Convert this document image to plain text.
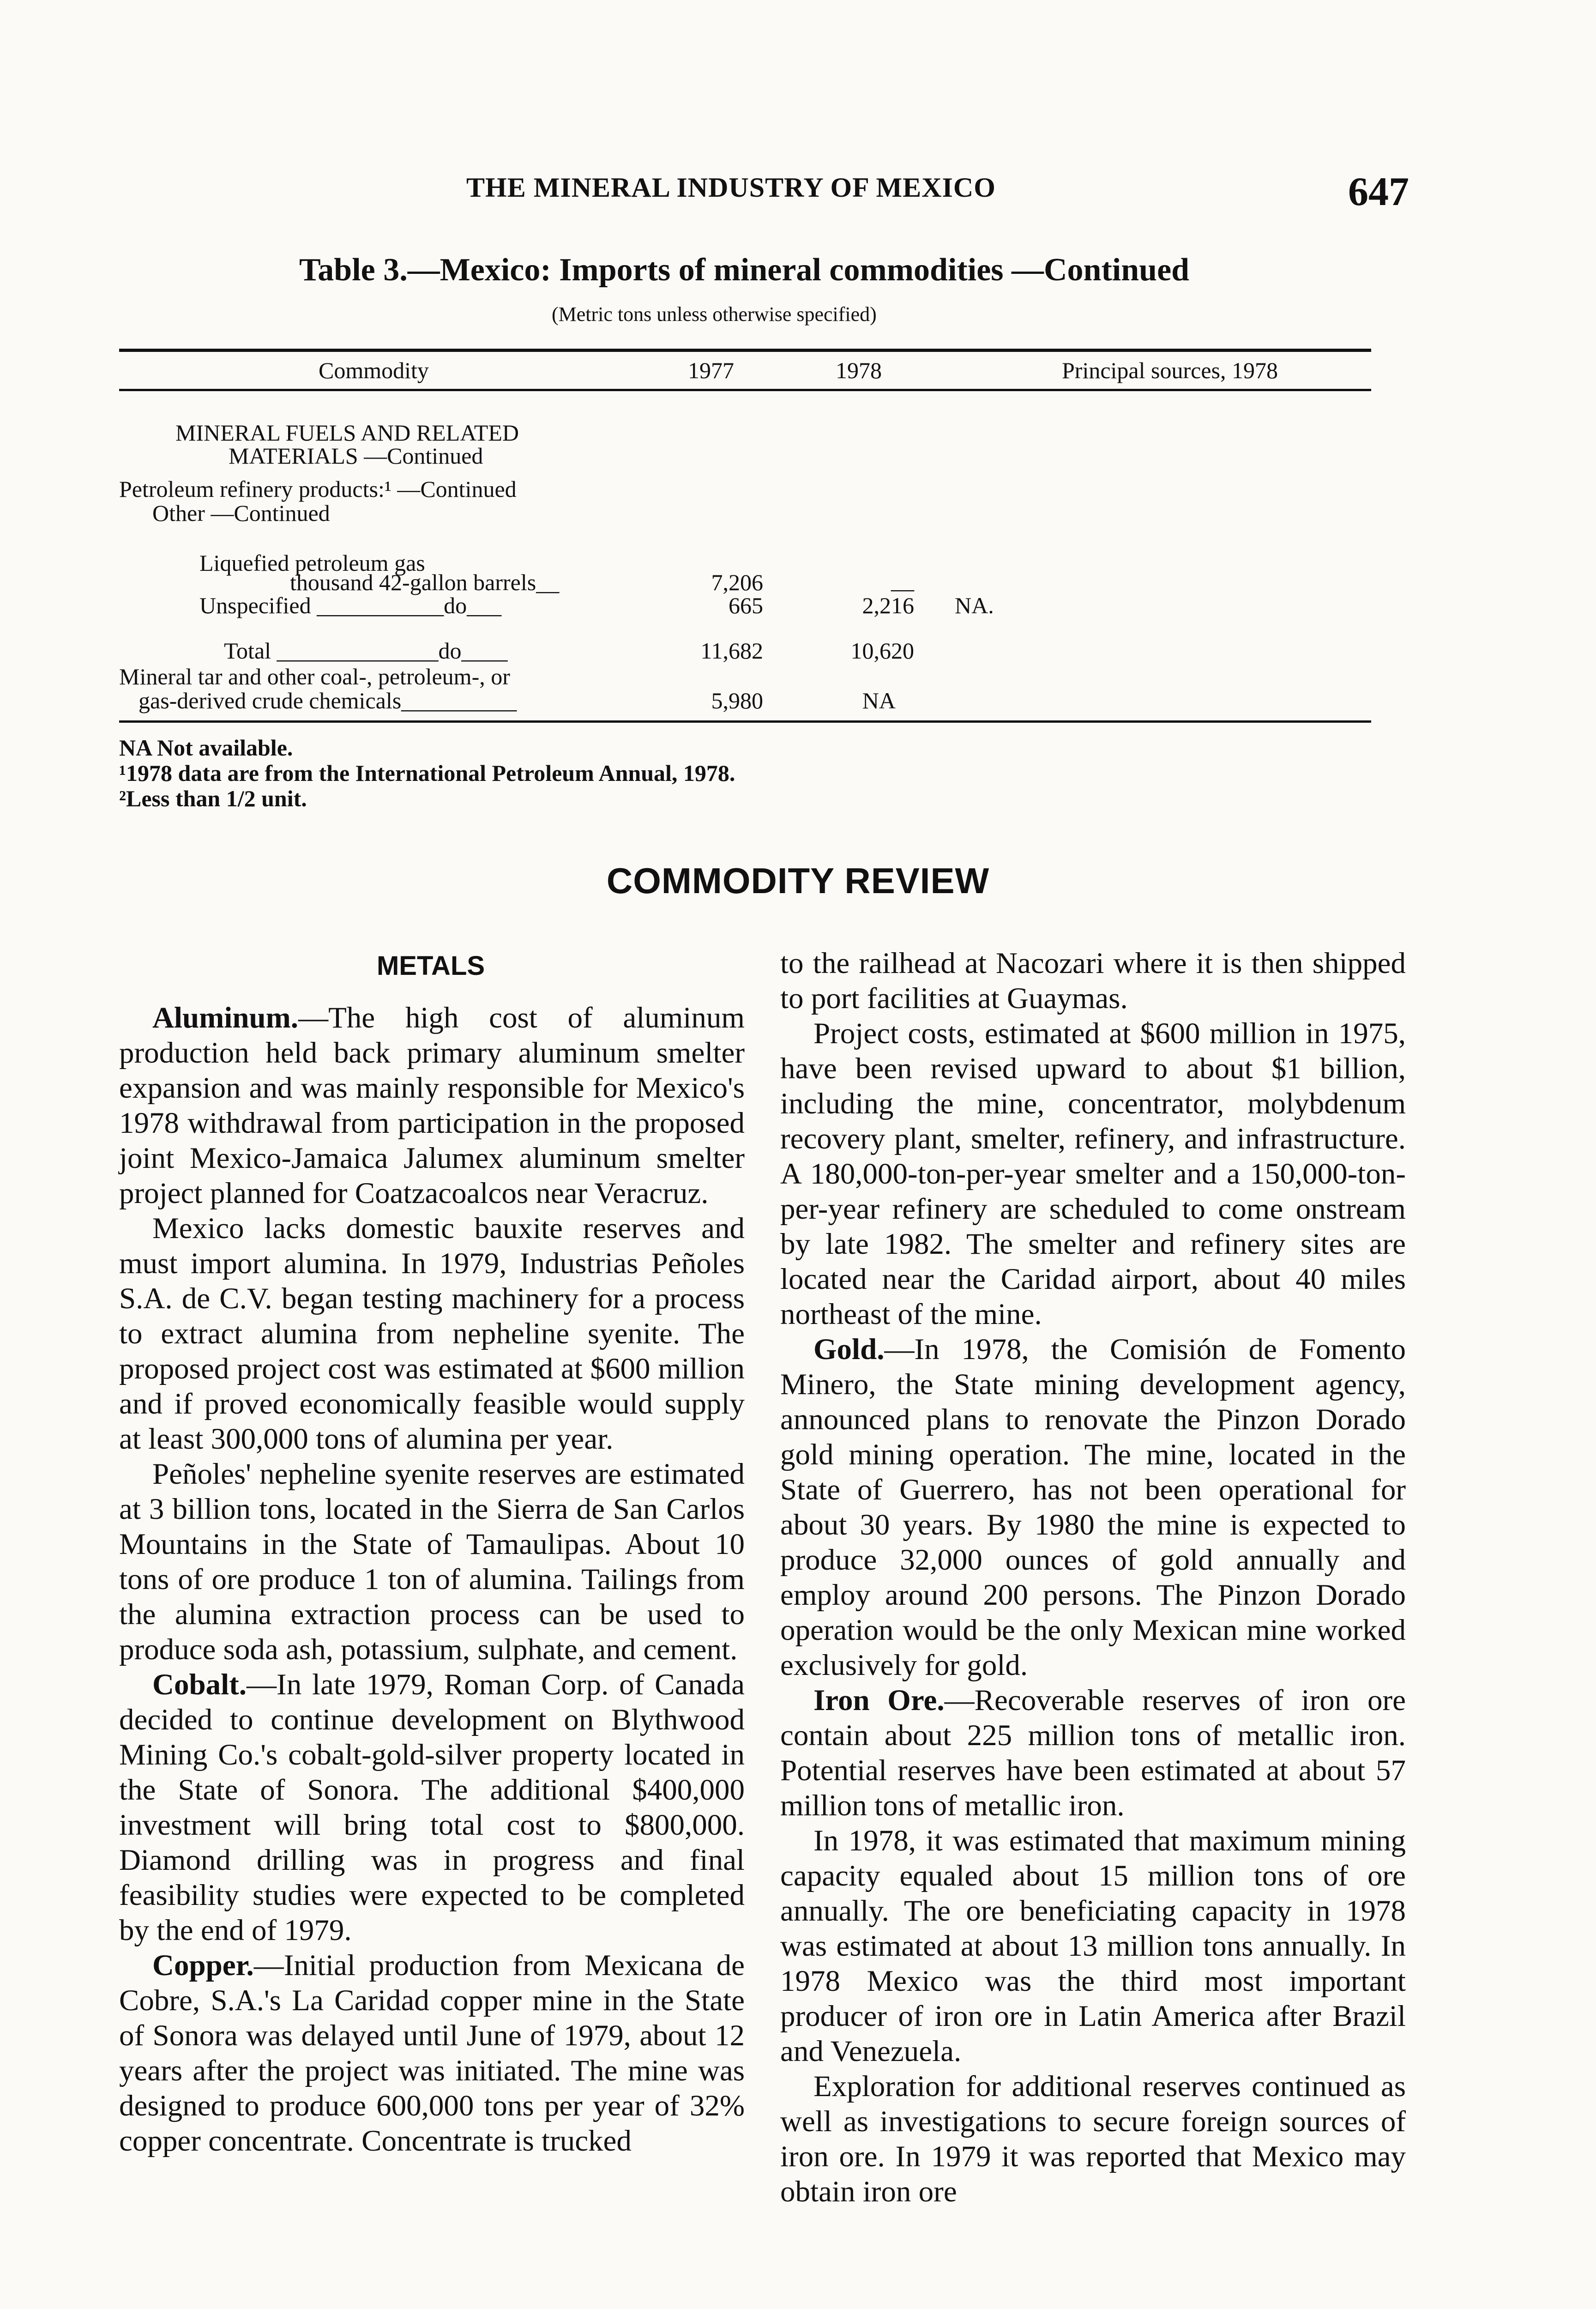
THE MINERAL INDUSTRY OF MEXICO	647
Table 3.—Mexico: Imports of mineral commodities —Continued
(Metric tons unless otherwise specified)
Commodity	1977	1978	Principal sources, 1978
MINERAL FUELS AND RELATED
MATERIALS —Continued
Petroleum refinery products:¹ —Continued
Other —Continued
Liquefied petroleum gas
thousand 42-gallon barrels__	7,206	__
Unspecified ___________do___	665	2,216 NA.
Total ______________do____	11,682	10,620
Mineral tar and other coal-, petroleum-, or
gas-derived crude chemicals__________	5,980	NA
NA Not available.
¹1978 data are from the International Petroleum Annual, 1978.
²Less than 1/2 unit.
COMMODITY REVIEW
METALS

Aluminum.—The high cost of aluminum production held back primary aluminum smelter expansion and was mainly responsible for Mexico's 1978 withdrawal from participation in the proposed joint Mexico-Jamaica Jalumex aluminum smelter project planned for Coatzacoalcos near Veracruz.

Mexico lacks domestic bauxite reserves and must import alumina. In 1979, Industrias Peñoles S.A. de C.V. began testing machinery for a process to extract alumina from nepheline syenite. The proposed project cost was estimated at $600 million and if proved economically feasible would supply at least 300,000 tons of alumina per year.

Peñoles' nepheline syenite reserves are estimated at 3 billion tons, located in the Sierra de San Carlos Mountains in the State of Tamaulipas. About 10 tons of ore produce 1 ton of alumina. Tailings from the alumina extraction process can be used to produce soda ash, potassium, sulphate, and cement.

Cobalt.—In late 1979, Roman Corp. of Canada decided to continue development on Blythwood Mining Co.'s cobalt-gold-silver property located in the State of Sonora. The additional $400,000 investment will bring total cost to $800,000. Diamond drilling was in progress and final feasibility studies were expected to be completed by the end of 1979.

Copper.—Initial production from Mexicana de Cobre, S.A.'s La Caridad copper mine in the State of Sonora was delayed until June of 1979, about 12 years after the project was initiated. The mine was designed to produce 600,000 tons per year of 32% copper concentrate. Concentrate is trucked

to the railhead at Nacozari where it is then shipped to port facilities at Guaymas.

Project costs, estimated at $600 million in 1975, have been revised upward to about $1 billion, including the mine, concentrator, molybdenum recovery plant, smelter, refinery, and infrastructure. A 180,000-ton-per-year smelter and a 150,000-ton-per-year refinery are scheduled to come onstream by late 1982. The smelter and refinery sites are located near the Caridad airport, about 40 miles northeast of the mine.

Gold.—In 1978, the Comisión de Fomento Minero, the State mining development agency, announced plans to renovate the Pinzon Dorado gold mining operation. The mine, located in the State of Guerrero, has not been operational for about 30 years. By 1980 the mine is expected to produce 32,000 ounces of gold annually and employ around 200 persons. The Pinzon Dorado operation would be the only Mexican mine worked exclusively for gold.

Iron Ore.—Recoverable reserves of iron ore contain about 225 million tons of metallic iron. Potential reserves have been estimated at about 57 million tons of metallic iron.

In 1978, it was estimated that maximum mining capacity equaled about 15 million tons of ore annually. The ore beneficiating capacity in 1978 was estimated at about 13 million tons annually. In 1978 Mexico was the third most important producer of iron ore in Latin America after Brazil and Venezuela.

Exploration for additional reserves continued as well as investigations to secure foreign sources of iron ore. In 1979 it was reported that Mexico may obtain iron ore
